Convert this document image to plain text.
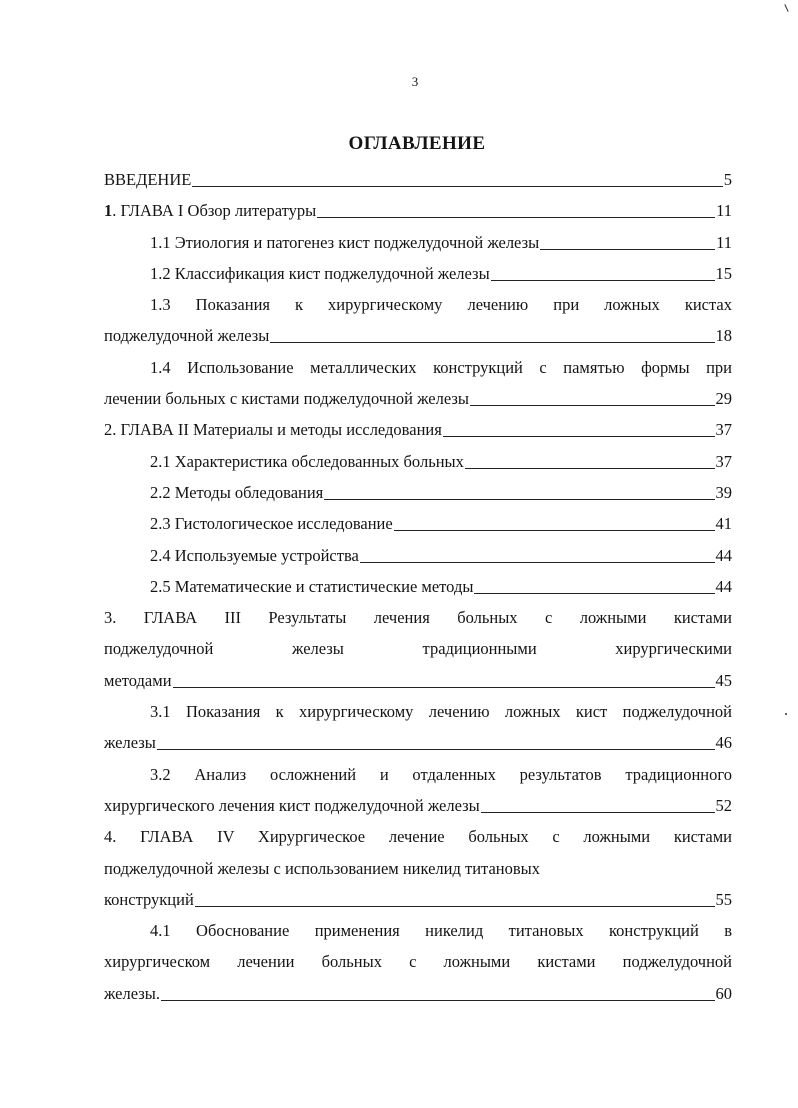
3
ОГЛАВЛЕНИЕ
ВВЕДЕНИЕ	5
1. ГЛАВА I Обзор литературы	11
1.1 Этиология и патогенез кист поджелудочной железы	11
1.2 Классификация кист поджелудочной железы	15
1.3 Показания к хирургическому лечению при ложных кистах
поджелудочной железы	18
1.4 Использование металлических конструкций с памятью формы при
лечении больных с кистами поджелудочной железы	29
2. ГЛАВА II Материалы и методы исследования	37
2.1 Характеристика обследованных больных	37
2.2 Методы обледования	39
2.3 Гистологическое исследование	41
2.4 Используемые устройства	44
2.5 Математические и статистические методы	44
3. ГЛАВА III Результаты лечения больных с ложными кистами
поджелудочной железы традиционными хирургическими
методами	45
3.1 Показания к хирургическому лечению ложных кист поджелудочной
железы	46
3.2 Анализ осложнений и отдаленных результатов традиционного
хирургического лечения кист поджелудочной железы	52
4. ГЛАВА IV Хирургическое лечение больных с ложными кистами
поджелудочной железы с использованием никелид титановых
конструкций	55
4.1 Обоснование применения никелид титановых конструкций в
хирургическом лечении больных с ложными кистами поджелудочной
железы.	60
